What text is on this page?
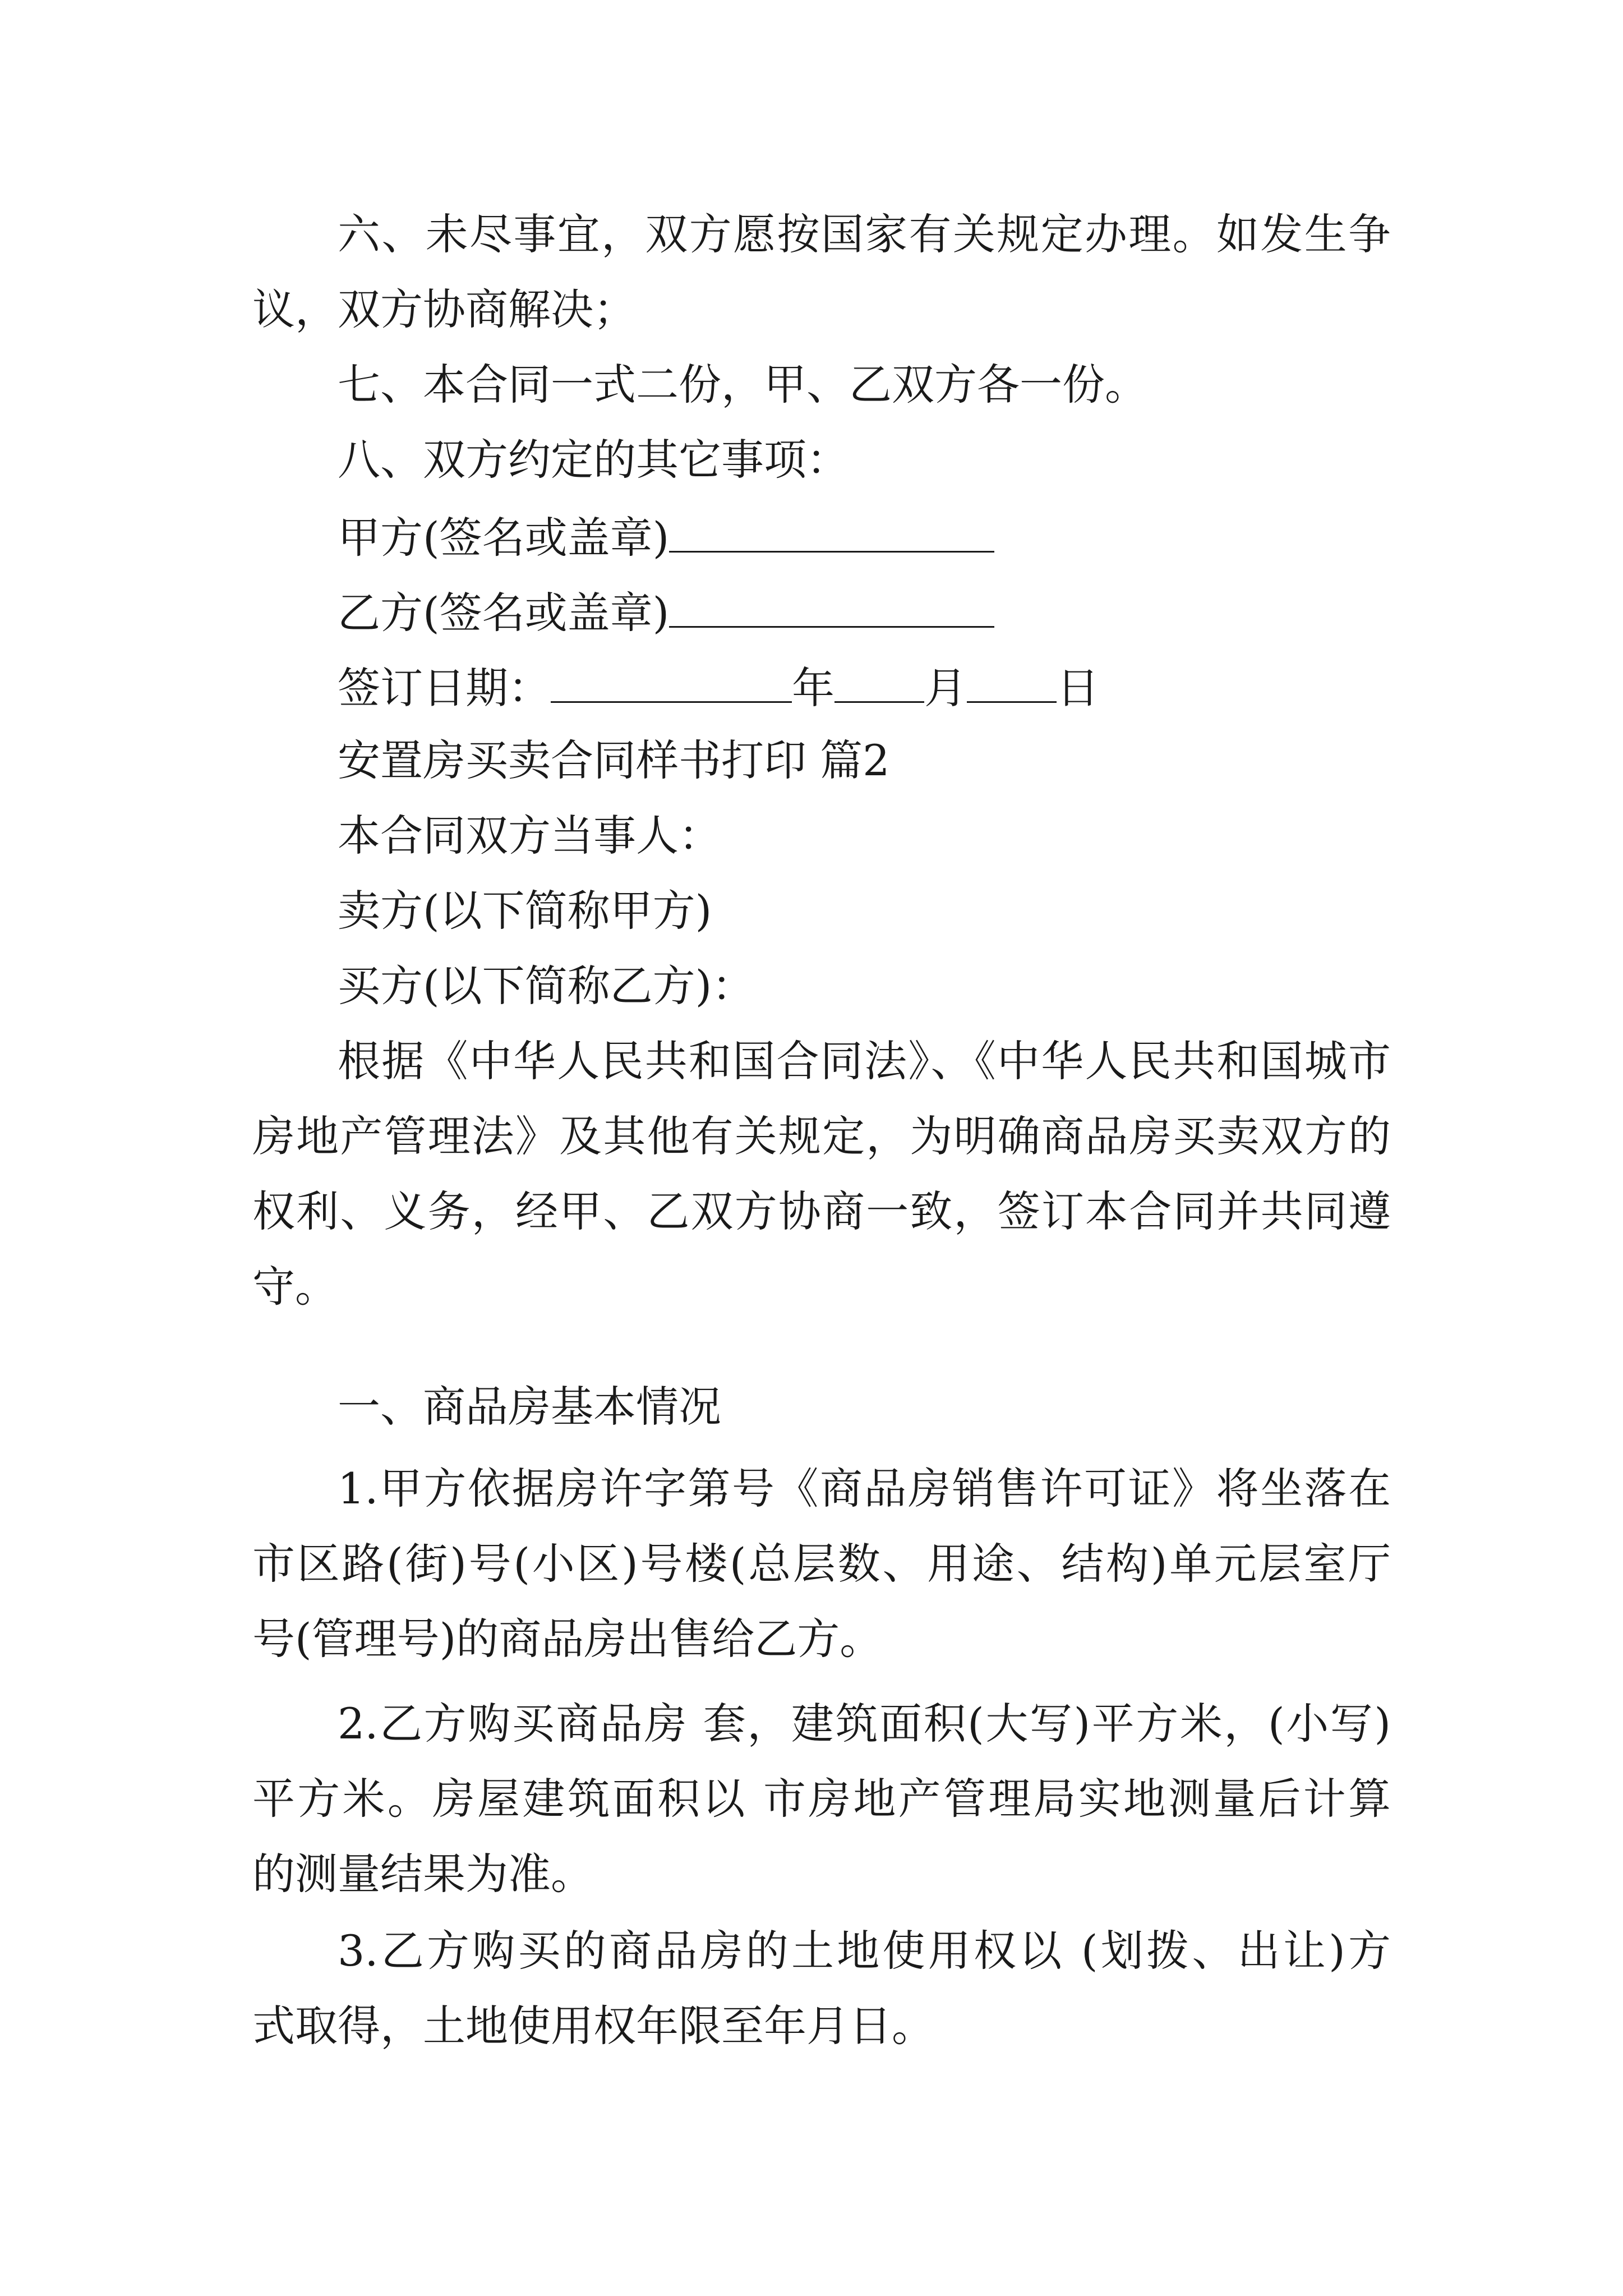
六、未尽事宜，双方愿按国家有关规定办理。如发生争
议，双方协商解决；

七、本合同一式二份，甲、乙双方各一份。

八、双方约定的其它事项：

甲方(签名或盖章)

乙方(签名或盖章)

签订日期：	年 月 日

安置房买卖合同样书打印 篇2

本合同双方当事人：

卖方(以下简称甲方)

买方(以下简称乙方)：

根据《中华人民共和国合同法》、《中华人民共和国城市
房地产管理法》及其他有关规定，为明确商品房买卖双方的
权利、义务，经甲、乙双方协商一致，签订本合同并共同遵
守。

一、商品房基本情况

1.甲方依据房许字第号《商品房销售许可证》将坐落在
市区路(街)号(小区)号楼(总层数、用途、结构)单元层室厅
号(管理号)的商品房出售给乙方。
2.乙方购买商品房 套，建筑面积(大写)平方米，(小写)
平方米。房屋建筑面积以 市房地产管理局实地测量后计算
的测量结果为准。
3.乙方购买的商品房的土地使用权以 (划拨、出让)方
式取得，土地使用权年限至年月日。
